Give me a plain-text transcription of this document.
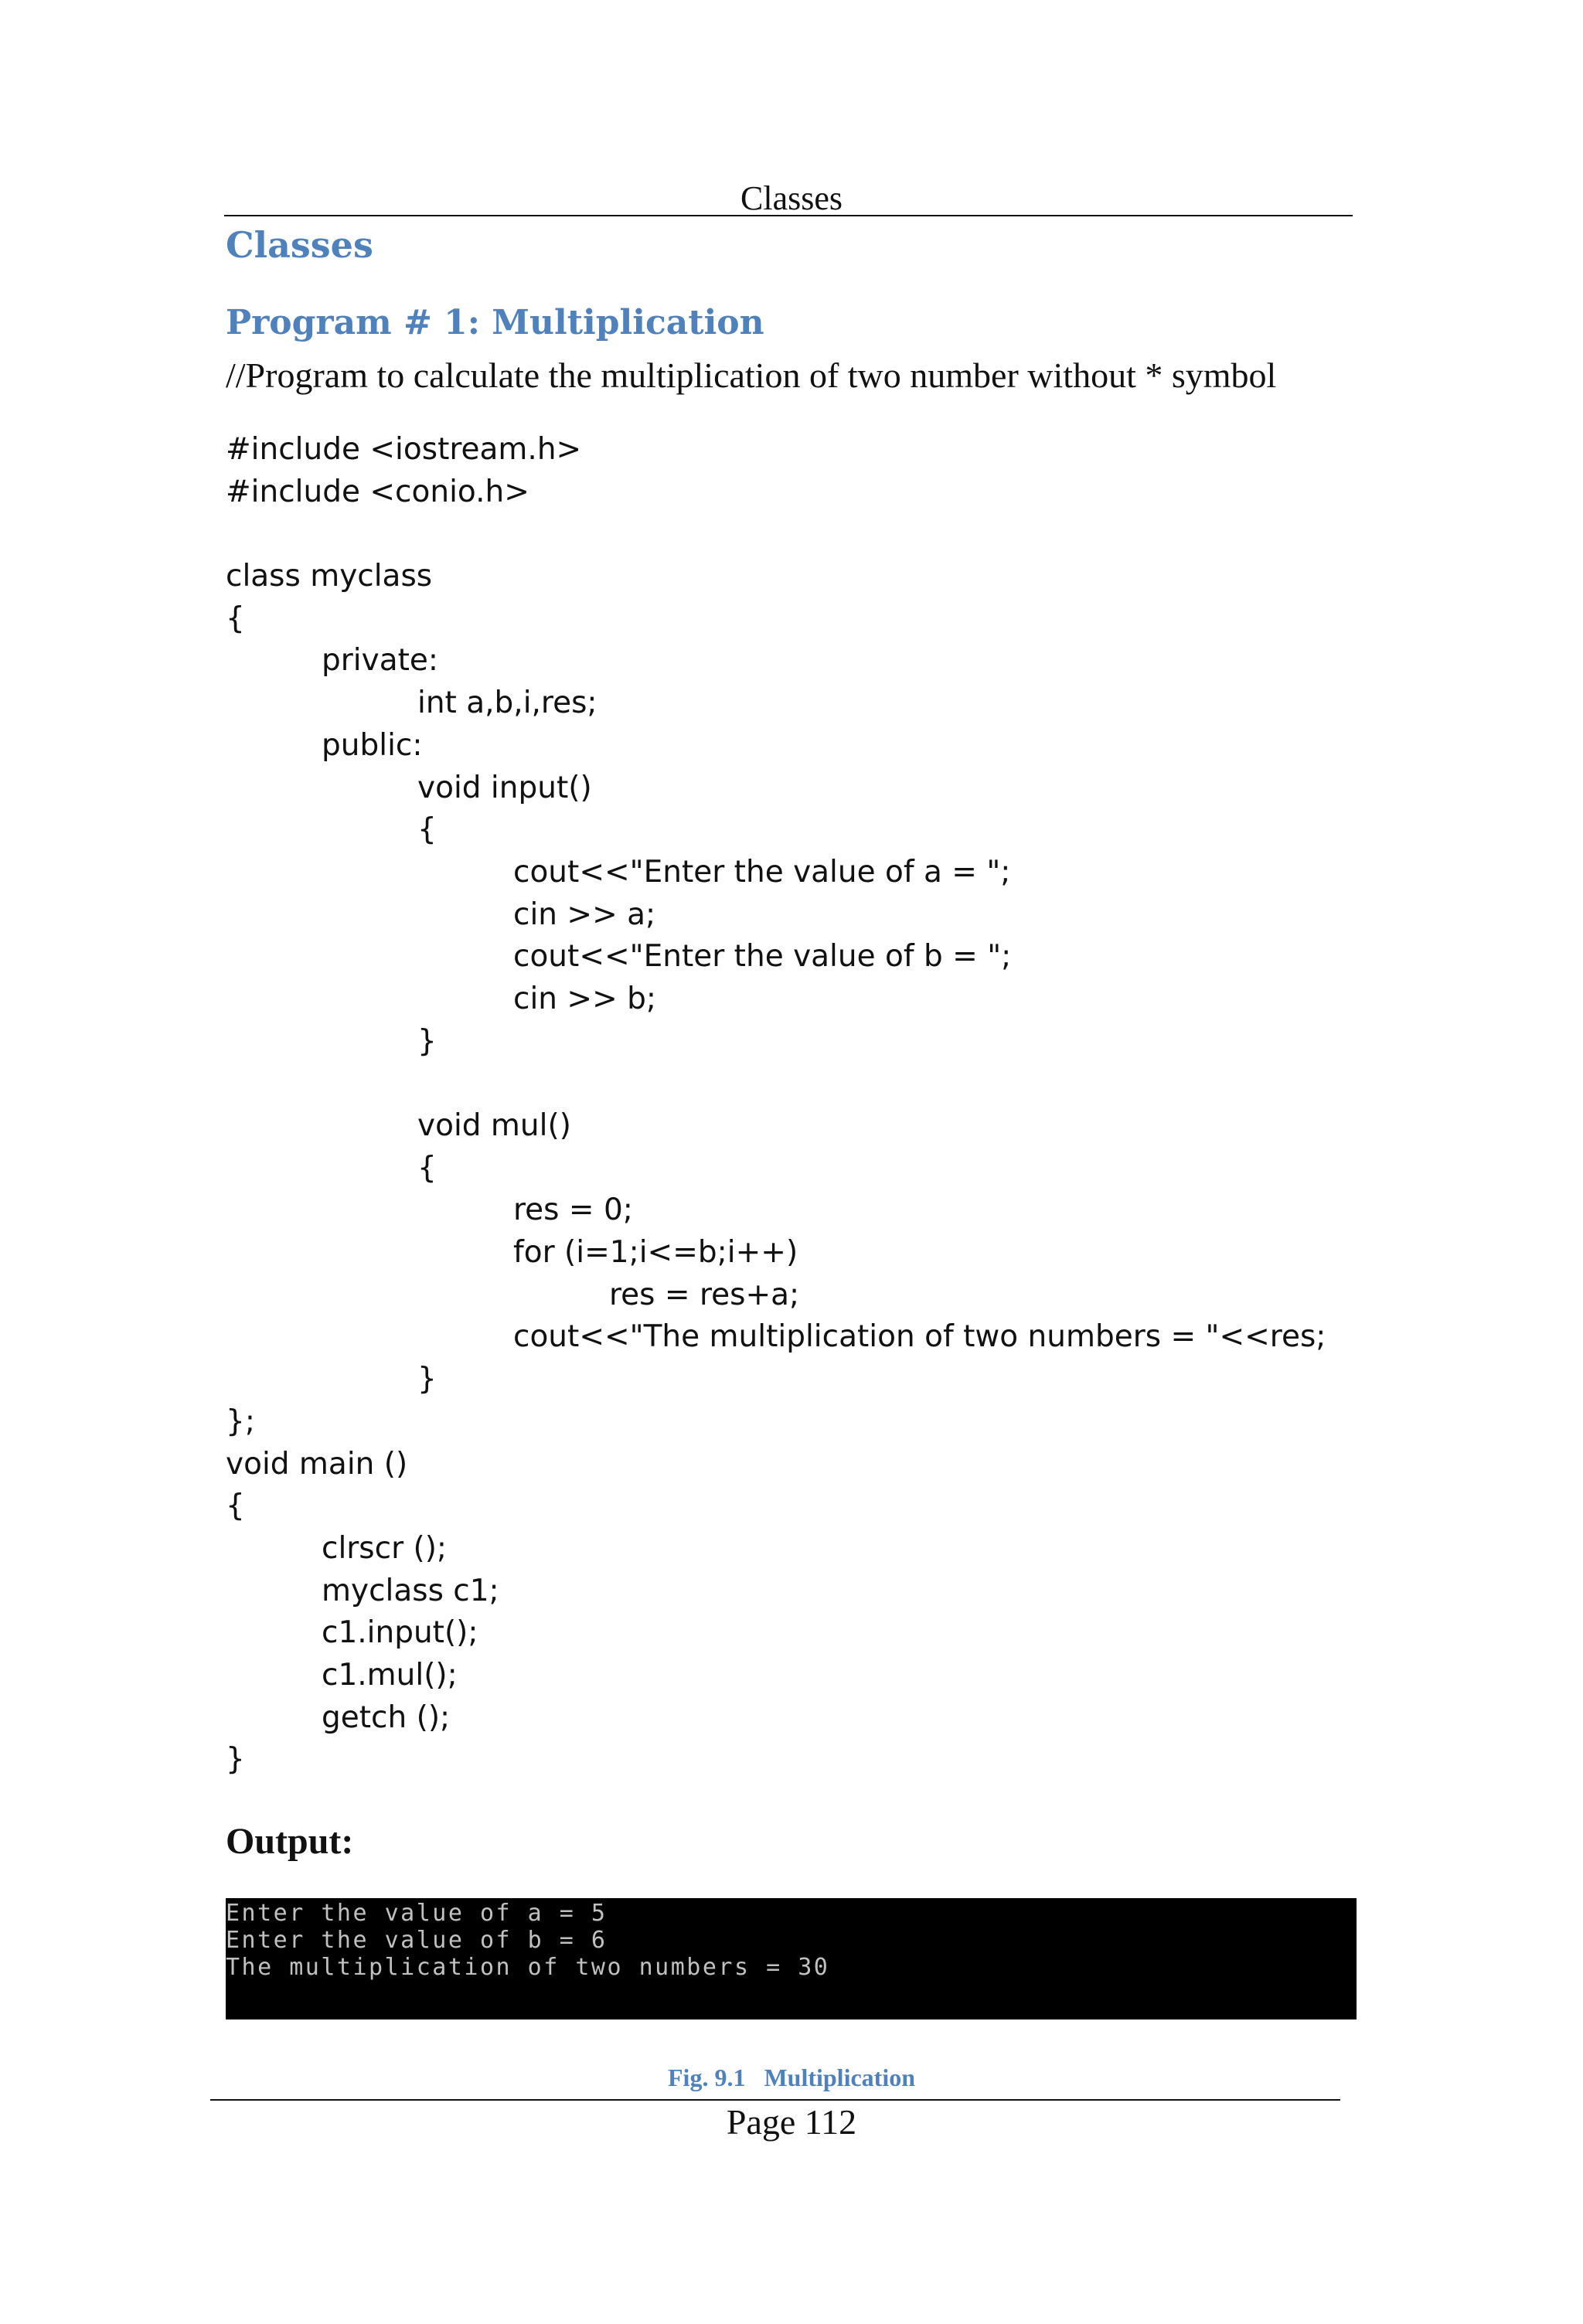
Classes
Classes
Program # 1: Multiplication
//Program to calculate the multiplication of two number without * symbol
#include <iostream.h>
#include <conio.h>
class myclass
{
private:
int a,b,i,res;
public:
void input()
{
cout<<"Enter the value of a = ";
cin >> a;
cout<<"Enter the value of b = ";
cin >> b;
}
void mul()
{
res = 0;
for (i=1;i<=b;i++)
res = res+a;
cout<<"The multiplication of two numbers = "<<res;
}
};
void main ()
{
clrscr ();
myclass c1;
c1.input();
c1.mul();
getch ();
}
Output:
Enter the value of a = 5
Enter the value of b = 6
The multiplication of two numbers = 30
Fig. 9.1   Multiplication
Page 112
